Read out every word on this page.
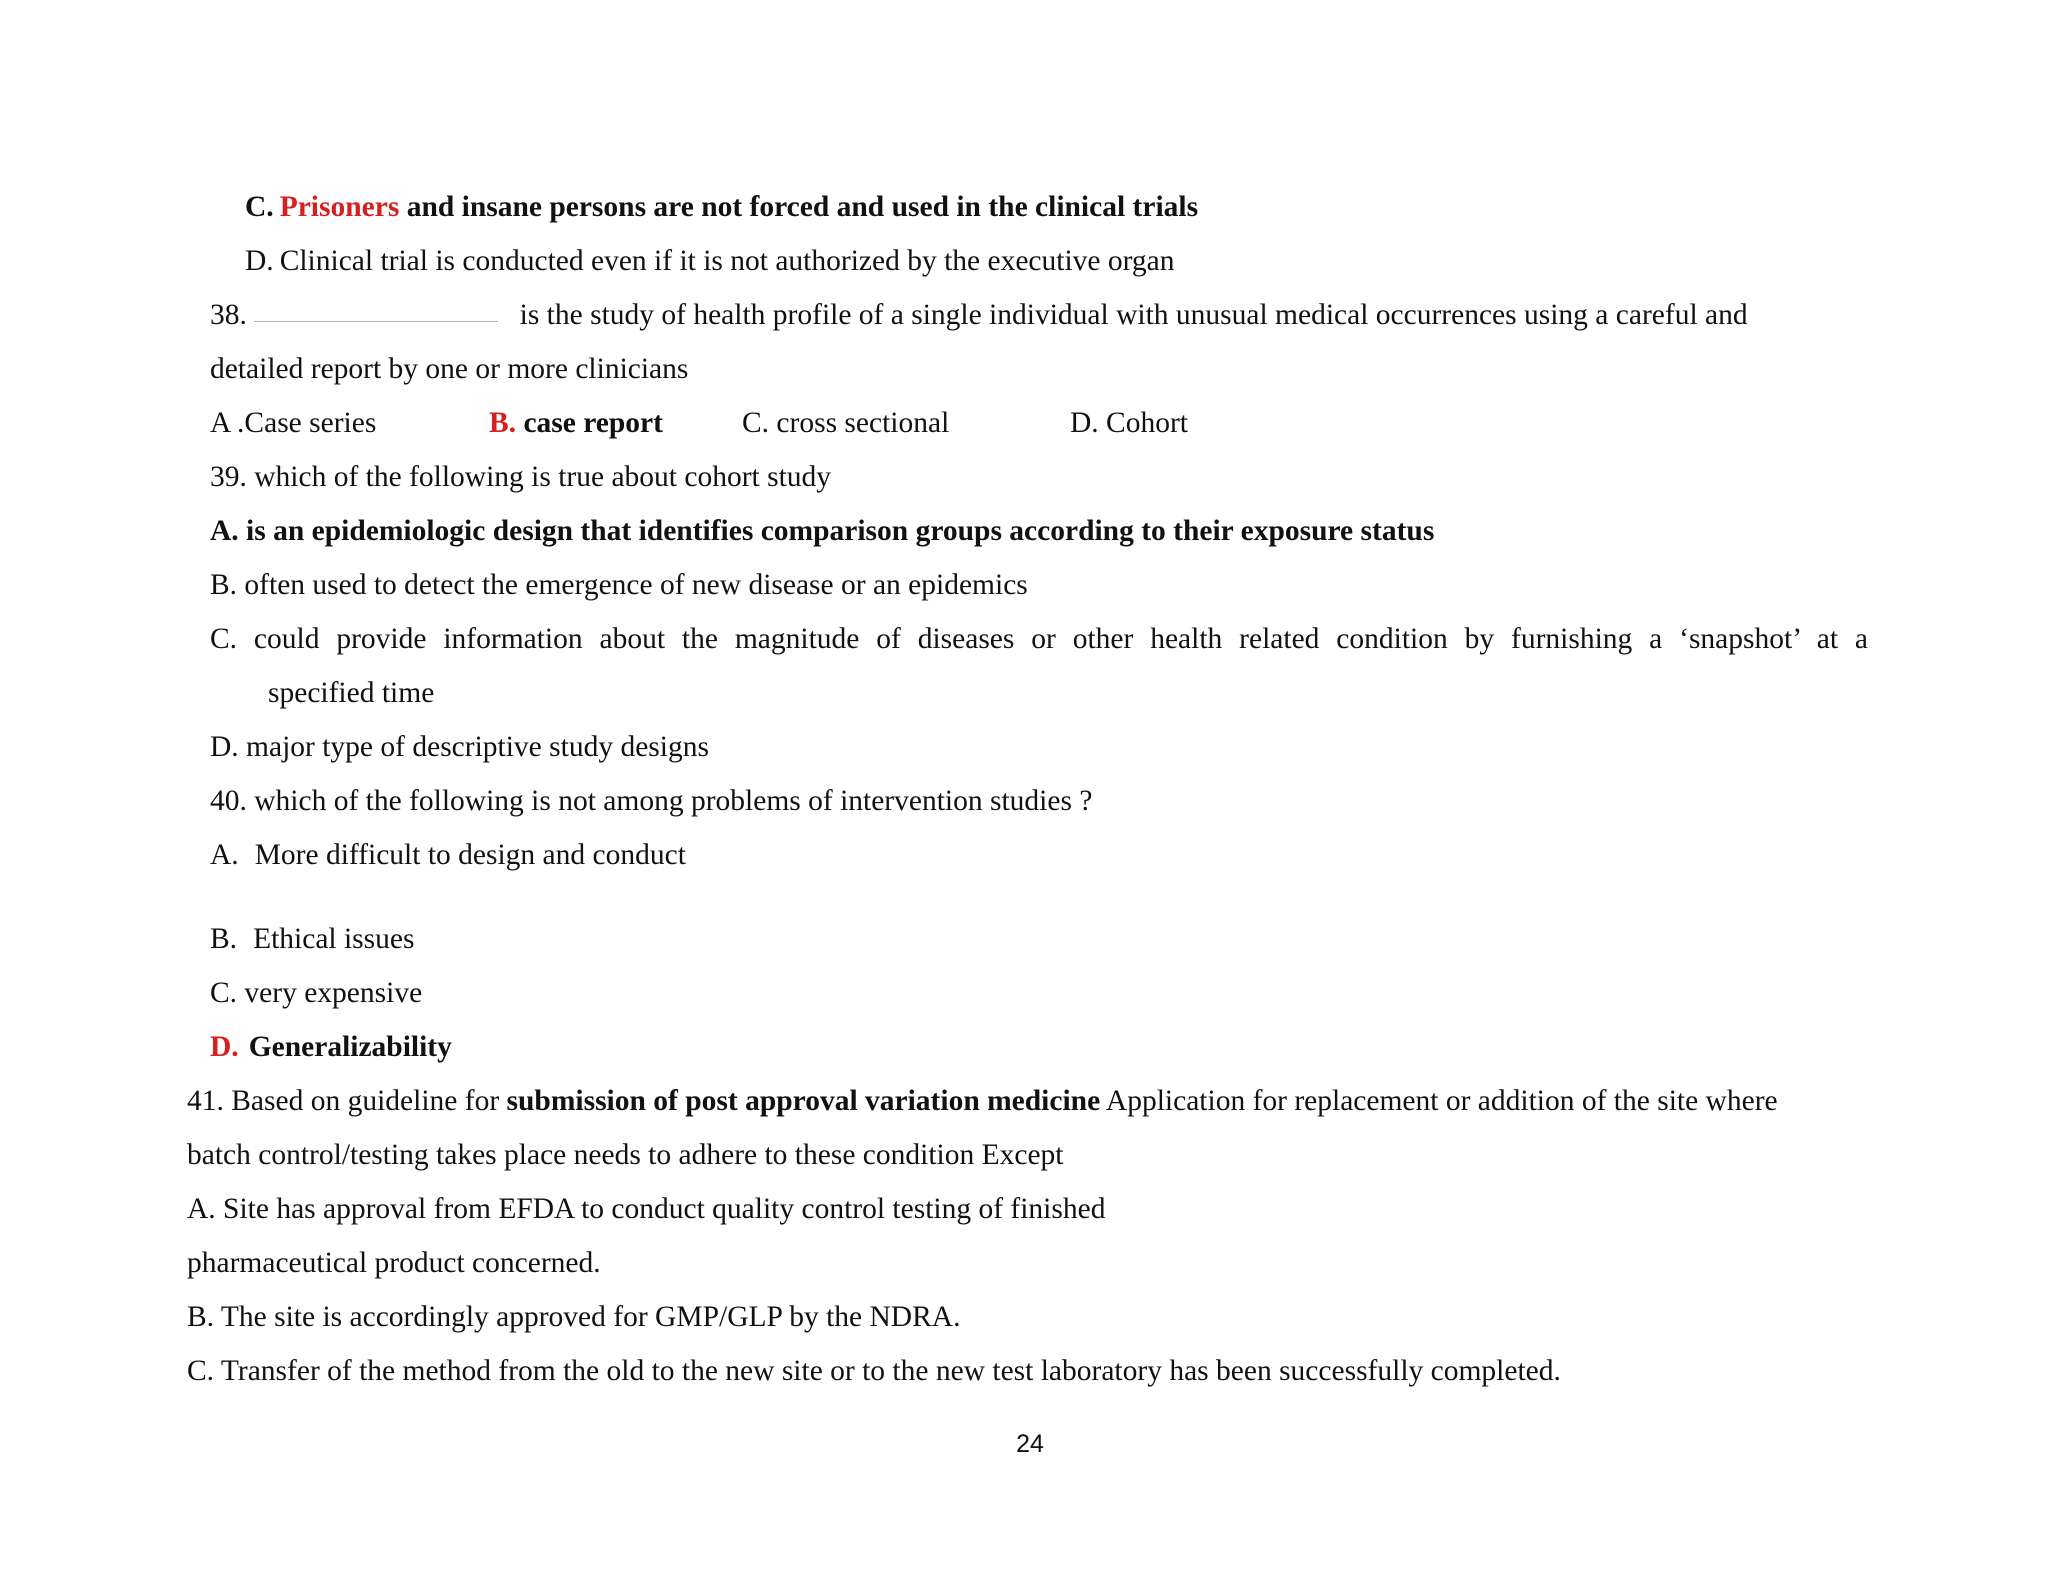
C. Prisoners and insane persons are not forced and used in the clinical trials
D. Clinical trial is conducted even if it is not authorized by the executive organ
38.	is the study of health profile of a single individual with unusual medical occurrences using a careful and
detailed report by one or more clinicians
A .Case series	B. case report	C. cross sectional	D. Cohort
39. which of the following is true about cohort study
A. is an epidemiologic design that identifies comparison groups according to their exposure status
B. often used to detect the emergence of new disease or an epidemics
C. could provide information about the magnitude of diseases or other health related condition by furnishing a ‘snapshot’ at a
specified time
D. major type of descriptive study designs
40. which of the following is not among problems of intervention studies ?
A. More difficult to design and conduct
B. Ethical issues
C. very expensive
D. Generalizability
41. Based on guideline for submission of post approval variation medicine Application for replacement or addition of the site where
batch control/testing takes place needs to adhere to these condition Except
A. Site has approval from EFDA to conduct quality control testing of finished
pharmaceutical product concerned.
B. The site is accordingly approved for GMP/GLP by the NDRA.
C. Transfer of the method from the old to the new site or to the new test laboratory has been successfully completed.
24
